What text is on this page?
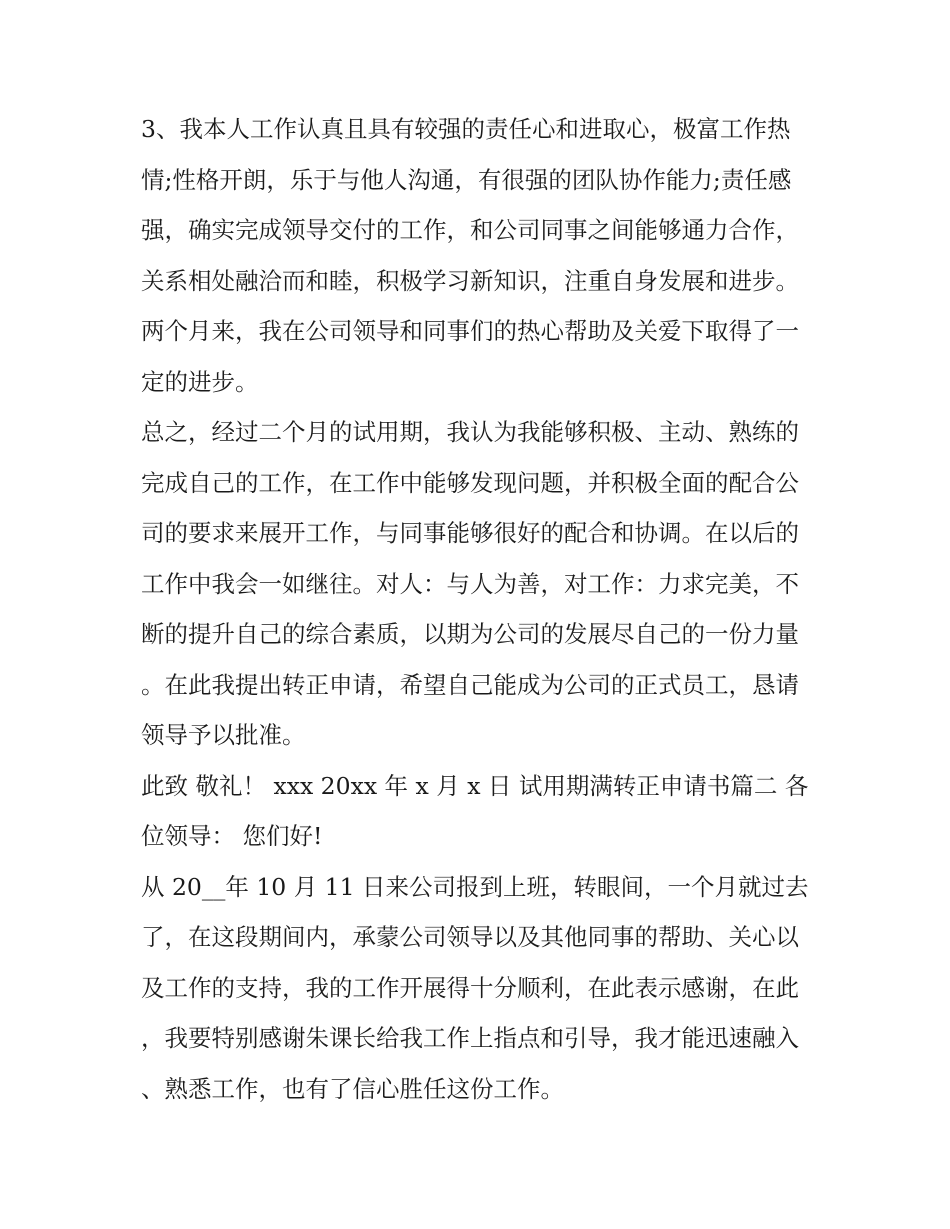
3、我本人工作认真且具有较强的责任心和进取心，极富工作热情;性格开朗，乐于与他人沟通，有很强的团队协作能力;责任感强，确实完成领导交付的工作，和公司同事之间能够通力合作，关系相处融洽而和睦，积极学习新知识，注重自身发展和进步。两个月来，我在公司领导和同事们的热心帮助及关爱下取得了一定的进步。

总之，经过二个月的试用期，我认为我能够积极、主动、熟练的完成自己的工作，在工作中能够发现问题，并积极全面的配合公司的要求来展开工作，与同事能够很好的配合和协调。在以后的工作中我会一如继往。对人：与人为善，对工作：力求完美，不断的提升自己的综合素质，以期为公司的发展尽自己的一份力量。在此我提出转正申请，希望自己能成为公司的正式员工，恳请领导予以批准。

此致 敬礼！ xxx 20xx 年 x 月 x 日 试用期满转正申请书篇二 各位领导： 您们好!

从 20__年 10 月 11 日来公司报到上班，转眼间，一个月就过去了，在这段期间内，承蒙公司领导以及其他同事的帮助、关心以及工作的支持，我的工作开展得十分顺利，在此表示感谢，在此，我要特别感谢朱课长给我工作上指点和引导，我才能迅速融入、熟悉工作，也有了信心胜任这份工作。
